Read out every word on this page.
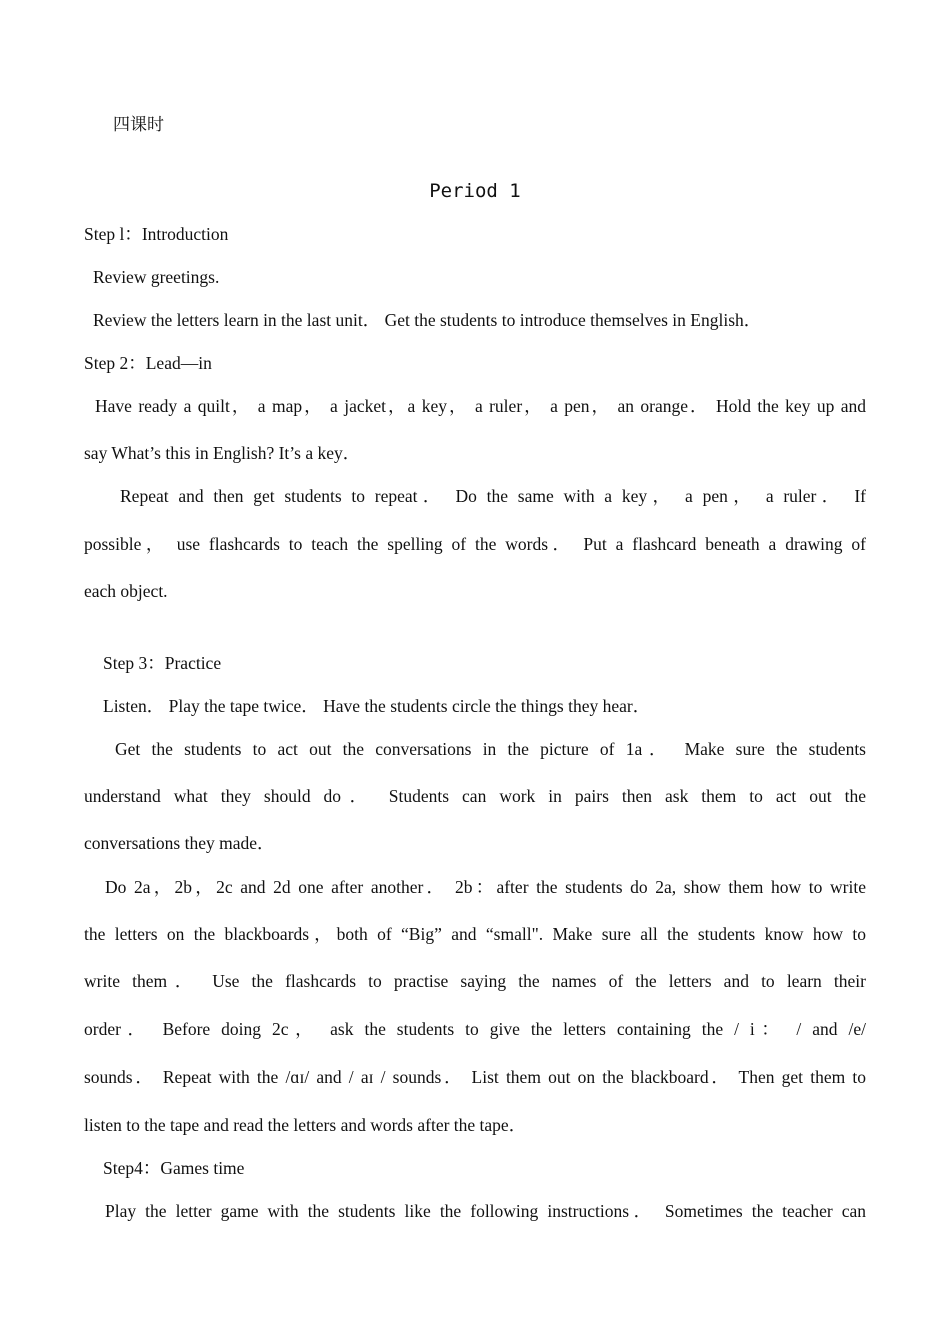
四课时
Period 1
Step l：Introduction
Review greetings.
Review the letters learn in the last unit． Get the students to introduce themselves in English．
Step 2：Lead—in
Have ready a quilt， a map， a jacket，a key， a ruler， a pen， an orange． Hold the key up and
say What’s this in English? It’s a key．
Repeat and then get students to repeat． Do the same with a key， a pen， a ruler． If
possible， use flashcards to teach the spelling of the words． Put a flashcard beneath a drawing of
each object.
Step 3：Practice
Listen． Play the tape twice． Have the students circle the things they hear．
Get the students to act out the conversations in the picture of 1a． Make sure the students
understand what they should do． Students can work in pairs then ask them to act out the
conversations they made．
Do 2a，2b，2c and 2d one after another． 2b：after the students do 2a, show them how to write
the letters on the blackboards，both of “Big” and “small". Make sure all the students know how to
write them． Use the flashcards to practise saying the names of the letters and to learn their
order． Before doing 2c， ask the students to give the letters containing the / i： / and /e/
sounds． Repeat with the /ɑɪ/ and / aɪ / sounds． List them out on the blackboard． Then get them to
listen to the tape and read the letters and words after the tape．
Step4：Games time
Play the letter game with the students like the following instructions． Sometimes the teacher can
